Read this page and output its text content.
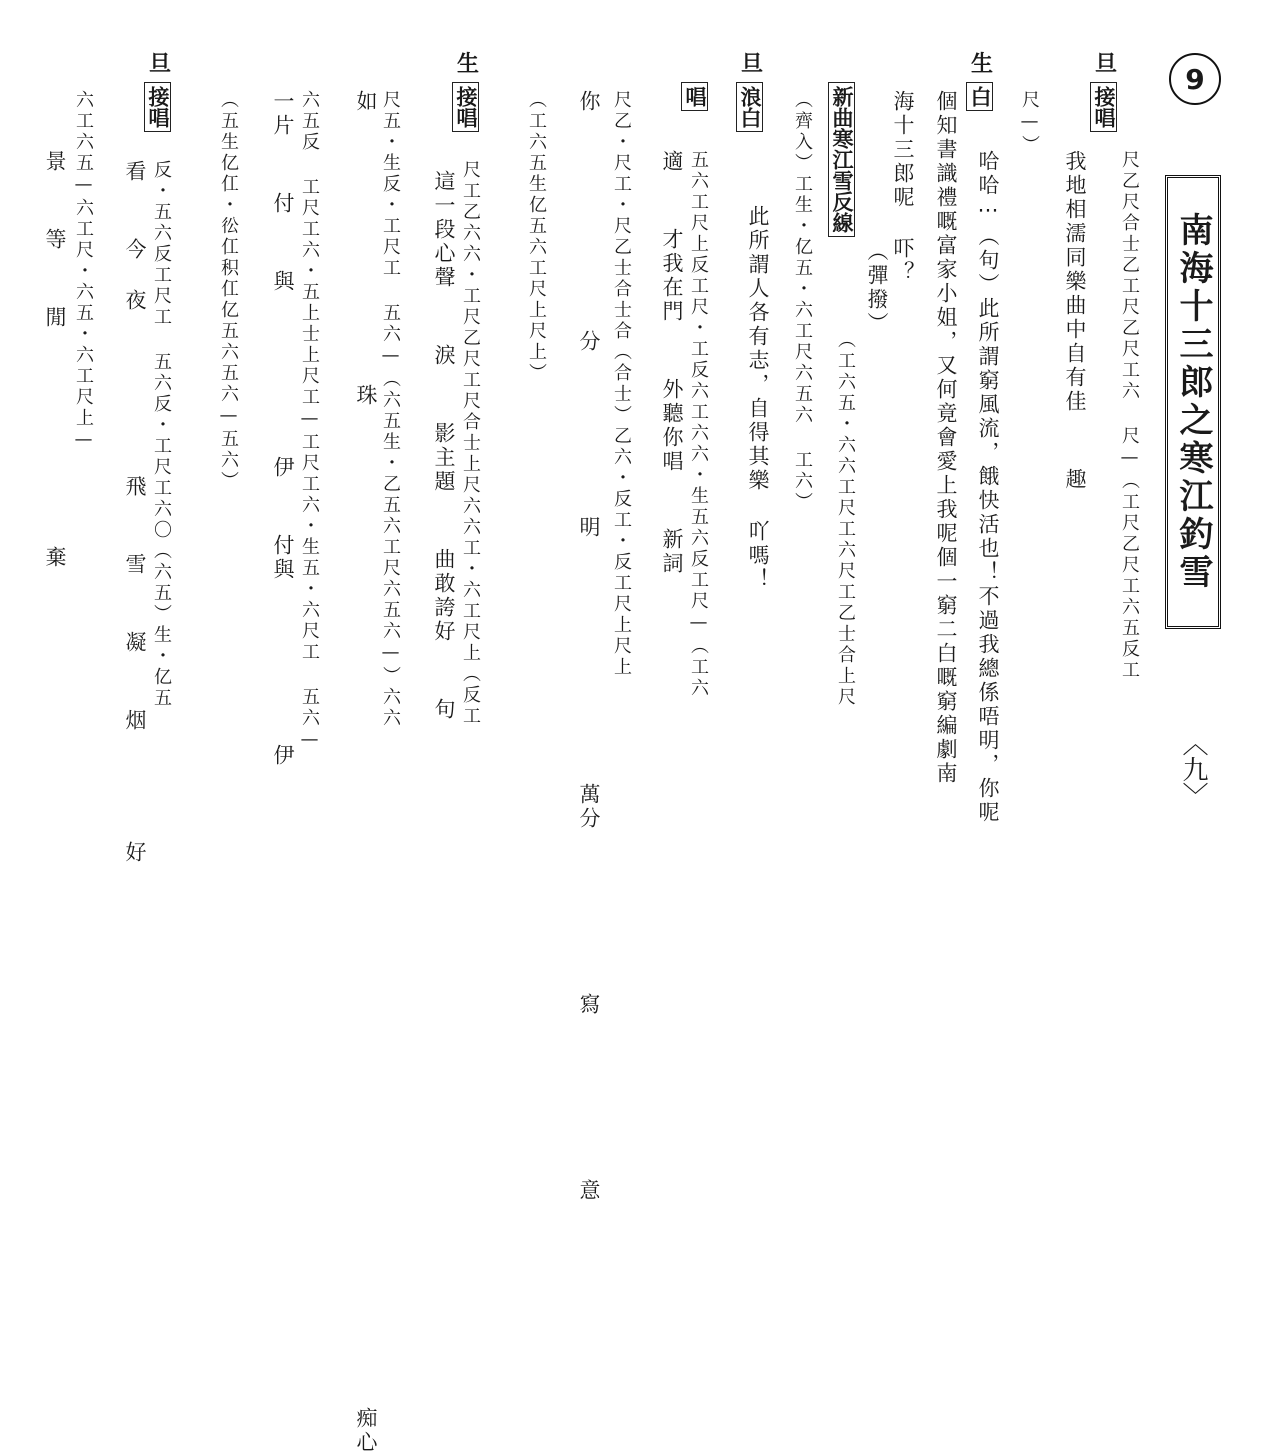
9
南海十三郎之寒江釣雪
︿九﹀
旦
生
旦
生
旦
接唱
白
新曲寒江雪反線
浪白
唱
接唱
接唱
尺乙尺合士乙工尺乙尺工六 尺—（工尺乙尺工六五反工
我地相濡同樂曲中自有佳  趣
尺—）
哈哈⋯（句）此所謂窮風流，餓快活也！不過我總係唔明，你呢
個知書識禮嘅富家小姐，又何竟會愛上我呢個一窮二白嘅窮編劇南
海十三郎呢 吓？
（彈撥）
（工六五・六六工尺工六尺工乙士合上尺
（齊入）工生・亿五・六工尺六五六 工六）
此所謂人各有志，自得其樂 吖嗎！
五六工尺上反工尺・工反六工六六・生五六反工尺—（工六
適  才我在門  外聽你唱  新詞
尺乙・尺工・尺乙士合士合（合士）乙六・反工・反工尺上尺上
你        分      明         萬分      寫      意
（工六五生亿五六工尺上尺上）
尺工乙六六・工尺乙尺工尺合士上尺六六工・六工尺上（反工
這一段心聲  淚  影主題  曲敢誇好  句
尺五・生反・工尺工 五六—（六五生・乙五六工尺六五六—）六六
如          珠                                     痴心
六五反 工尺工六・五上士上尺工—工尺工六・生五・六尺工 五六—
一片  付  與      伊  付與      伊
（五生亿仜・彸仜积仜亿五六五六—五六）
反・五六反工尺工 五六反・工尺工六〇（六五）生・亿五
看  今 夜      飛  雪  凝  烟    好
六工六五—六工尺・六五・六工尺上—
景  等  閒        棄
